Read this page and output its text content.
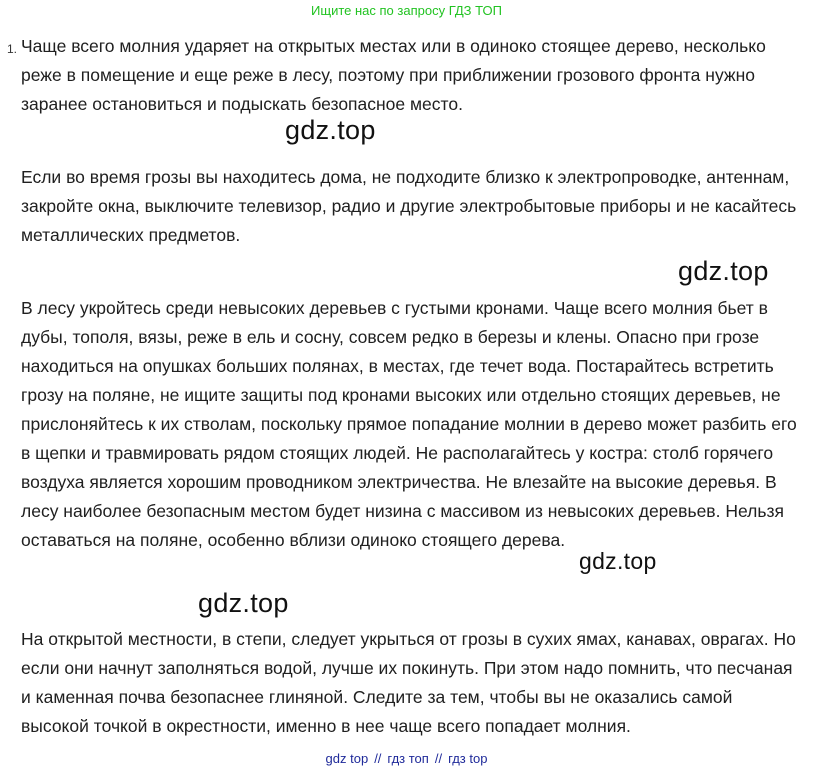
Ищите нас по запросу ГДЗ ТОП
1. Чаще всего молния ударяет на открытых местах или в одиноко стоящее дерево, несколько реже в помещение и еще реже в лесу, поэтому при приближении грозового фронта нужно заранее остановиться и подыскать безопасное место.

gdz.top

Если во время грозы вы находитесь дома, не подходите близко к электропроводке, антеннам, закройте окна, выключите телевизор, радио и другие электробытовые приборы и не касайтесь металлических предметов.

gdz.top

В лесу укройтесь среди невысоких деревьев с густыми кронами. Чаще всего молния бьет в дубы, тополя, вязы, реже в ель и сосну, совсем редко в березы и клены. Опасно при грозе находиться на опушках больших полянах, в местах, где течет вода. Постарайтесь встретить грозу на поляне, не ищите защиты под кронами высоких или отдельно стоящих деревьев, не прислоняйтесь к их стволам, поскольку прямое попадание молнии в дерево может разбить его в щепки и травмировать рядом стоящих людей. Не располагайтесь у костра: столб горячего воздуха является хорошим проводником электричества. Не влезайте на высокие деревья. В лесу наиболее безопасным местом будет низина с массивом из невысоких деревьев. Нельзя оставаться на поляне, особенно вблизи одиноко стоящего дерева.

gdz.top
gdz.top

На открытой местности, в степи, следует укрыться от грозы в сухих ямах, канавах, оврагах. Но если они начнут заполняться водой, лучше их покинуть. При этом надо помнить, что песчаная и каменная почва безопаснее глиняной. Следите за тем, чтобы вы не оказались самой высокой точкой в окрестности, именно в нее чаще всего попадает молния.

gdz top // гдз топ // гдз top
